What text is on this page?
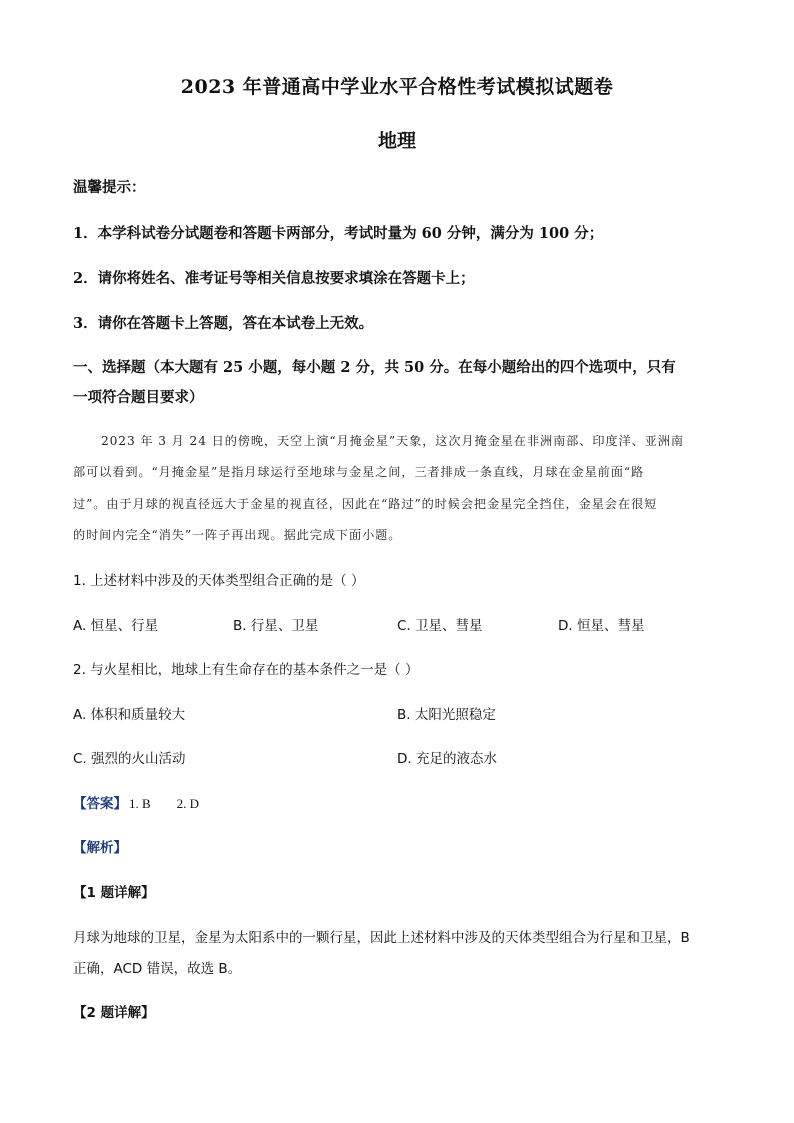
2023 年普通高中学业水平合格性考试模拟试题卷
地理
温馨提示：
1．本学科试卷分试题卷和答题卡两部分，考试时量为 60 分钟，满分为 100 分；
2．请你将姓名、准考证号等相关信息按要求填涂在答题卡上；
3．请你在答题卡上答题，答在本试卷上无效。
一、选择题（本大题有 25 小题，每小题 2 分，共 50 分。在每小题给出的四个选项中，只有
一项符合题目要求）
2023 年 3 月 24 日的傍晚，天空上演“月掩金星”天象，这次月掩金星在非洲南部、印度洋、亚洲南
部可以看到。“月掩金星”是指月球运行至地球与金星之间，三者排成一条直线，月球在金星前面“路
过”。由于月球的视直径远大于金星的视直径，因此在“路过”的时候会把金星完全挡住，金星会在很短
的时间内完全“消失”一阵子再出现。据此完成下面小题。
1. 上述材料中涉及的天体类型组合正确的是（ ）
A. 恒星、行星	B. 行星、卫星	C. 卫星、彗星	D. 恒星、彗星
2. 与火星相比，地球上有生命存在的基本条件之一是（ ）
A. 体积和质量较大	B. 太阳光照稳定
C. 强烈的火山活动	D. 充足的液态水
【答案】 1. B 2. D
【解析】
【1 题详解】
月球为地球的卫星，金星为太阳系中的一颗行星，因此上述材料中涉及的天体类型组合为行星和卫星，B
正确，ACD 错误，故选 B。
【2 题详解】
